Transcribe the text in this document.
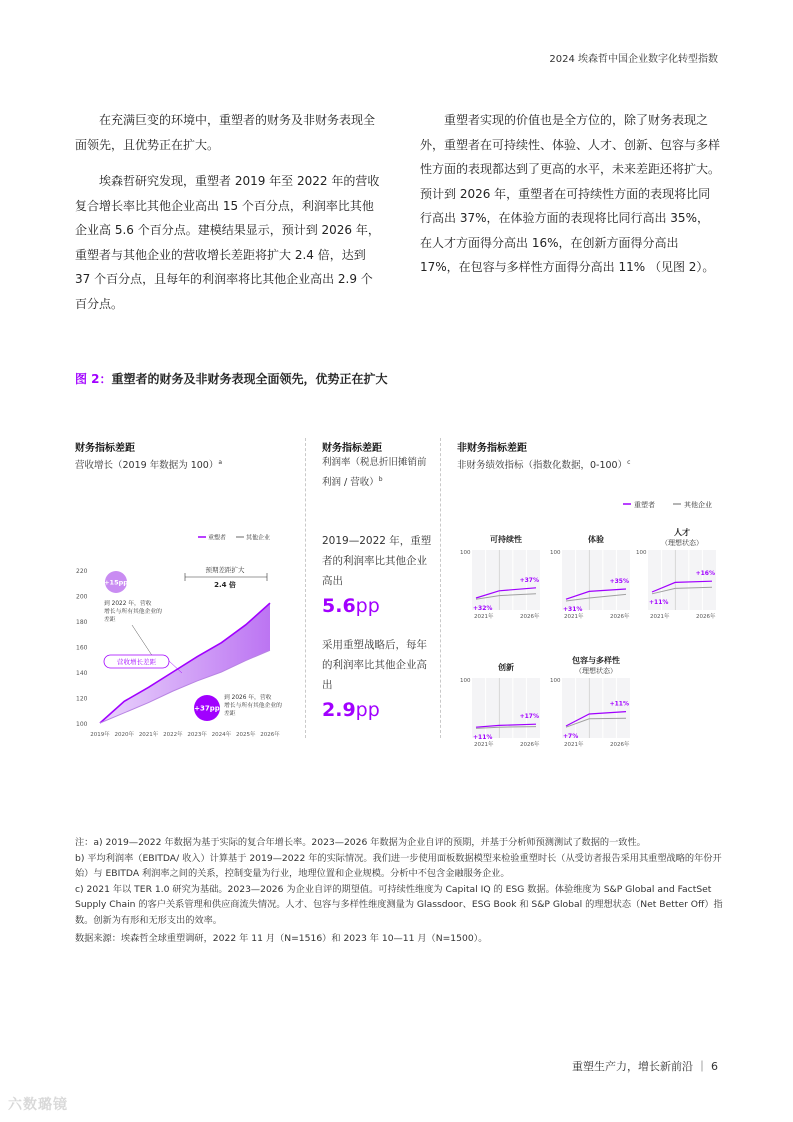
2024 埃森哲中国企业数字化转型指数

在充满巨变的环境中，重塑者的财务及非财务表现全面领先，且优势正在扩大。

埃森哲研究发现，重塑者 2019 年至 2022 年的营收复合增长率比其他企业高出 15 个百分点，利润率比其他企业高 5.6 个百分点。建模结果显示，预计到 2026 年，重塑者与其他企业的营收增长差距将扩大 2.4 倍，达到 37 个百分点，且每年的利润率将比其他企业高出 2.9 个百分点。

重塑者实现的价值也是全方位的，除了财务表现之外，重塑者在可持续性、体验、人才、创新、包容与多样性方面的表现都达到了更高的水平，未来差距还将扩大。预计到 2026 年，重塑者在可持续性方面的表现将比同行高出 37%，在体验方面的表现将比同行高出 35%，在人才方面得分高出 16%，在创新方面得分高出 17%，在包容与多样性方面得分高出 11% （见图 2）。

图 2：重塑者的财务及非财务表现全面领先，优势正在扩大
财务指标差距
营收增长（2019 年数据为 100）$^a$
100
120
140
160
180
200
220
2019年 2020年 2021年 2022年 2023年 2024年 2025年 2026年
重塑者	其他企业
预期差距扩大
2.4 倍
+15pp
到 2022 年，营收
增长与所有其他企业的
差距
营收增长差距
+37pp
到 2026 年，营收
增长与所有其他企业的
差距
财务指标差距
利润率（税息折旧摊销前利润 / 营收）$^b$
2019—2022 年，重塑者的利润率比其他企业高出
5.6pp
采用重塑战略后，每年的利润率比其他企业高出
2.9pp
非财务指标差距
非财务绩效指标（指数化数据，0-100）$^c$
重塑者	其他企业
可持续性
100
2021年	2026年
+32%
+37%
体验
100
2021年	2026年
+31%
+35%
人才
（理想状态）
100
2021年	2026年
+11%
+16%
创新
100
2021年	2026年
+11%
+17%
包容与多样性
（理想状态）
100
2021年	2026年
+7%
+11%
注：a) 2019—2022 年数据为基于实际的复合年增长率。2023—2026 年数据为企业自评的预期，并基于分析师预测测试了数据的一致性。
b) 平均利润率（EBITDA/ 收入）计算基于 2019—2022 年的实际情况。我们进一步使用面板数据模型来检验重塑时长（从受访者报告采用其重塑战略的年份开始）与 EBITDA 利润率之间的关系，控制变量为行业，地理位置和企业规模。分析中不包含金融服务企业。
c) 2021 年以 TER 1.0 研究为基础。2023—2026 为企业自评的期望值。可持续性维度为 Capital IQ 的 ESG 数据。体验维度为 S&P Global and FactSet Supply Chain 的客户关系管理和供应商流失情况。人才、包容与多样性维度测量为 Glassdoor、ESG Book 和 S&P Global 的理想状态（Net Better Off）指数。创新为有形和无形支出的效率。
数据来源：埃森哲全球重塑调研，2022 年 11 月（N=1516）和 2023 年 10—11 月（N=1500）。
重塑生产力，增长新前沿 ｜ 6
六数璐镜
